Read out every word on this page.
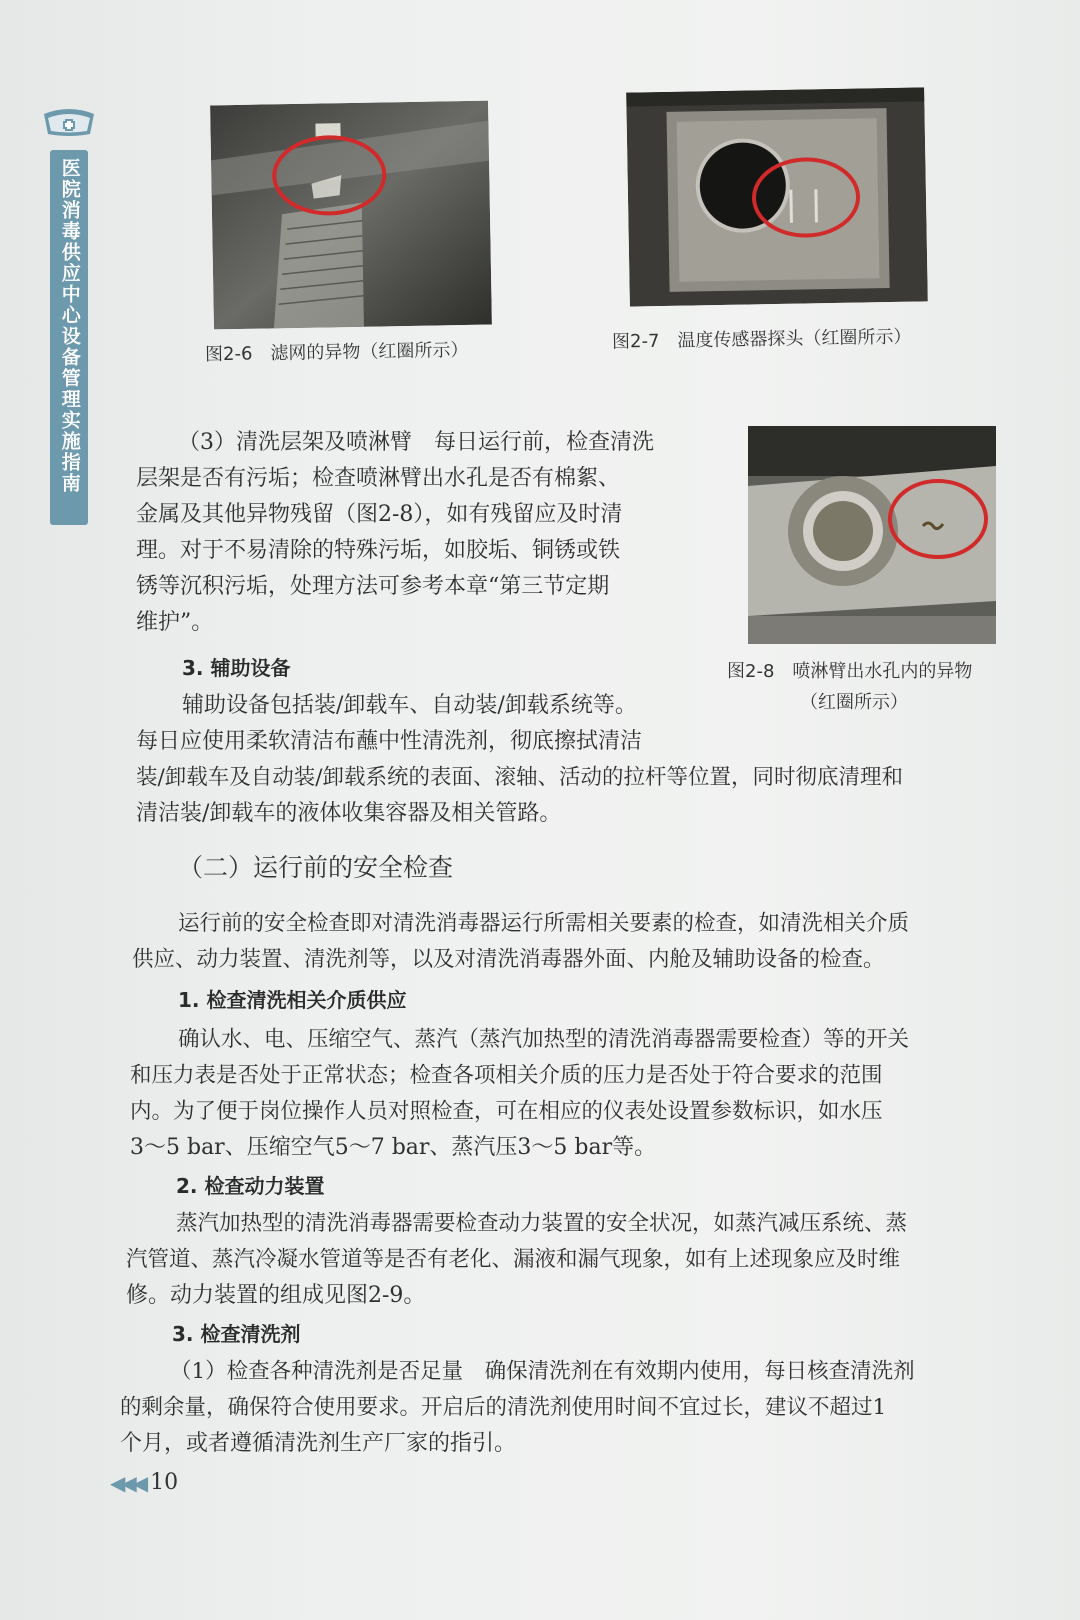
医院消毒供应中心设备管理实施指南	图2-6 滤网的异物（红圈所示）	图2-7 温度传感器探头（红圈所示）
图2-8 喷淋臂出水孔内的异物
（红圈所示）
（3）清洗层架及喷淋臂　每日运行前，检查清洗
层架是否有污垢；检查喷淋臂出水孔是否有棉絮、
金属及其他异物残留（图2-8），如有残留应及时清
理。对于不易清除的特殊污垢，如胶垢、铜锈或铁
锈等沉积污垢，处理方法可参考本章“第三节定期
维护”。
3. 辅助设备
辅助设备包括装/卸载车、自动装/卸载系统等。
每日应使用柔软清洁布蘸中性清洗剂，彻底擦拭清洁
装/卸载车及自动装/卸载系统的表面、滚轴、活动的拉杆等位置，同时彻底清理和
清洁装/卸载车的液体收集容器及相关管路。
（二）运行前的安全检查
运行前的安全检查即对清洗消毒器运行所需相关要素的检查，如清洗相关介质
供应、动力装置、清洗剂等，以及对清洗消毒器外面、内舱及辅助设备的检查。
1. 检查清洗相关介质供应
确认水、电、压缩空气、蒸汽（蒸汽加热型的清洗消毒器需要检查）等的开关
和压力表是否处于正常状态；检查各项相关介质的压力是否处于符合要求的范围
内。为了便于岗位操作人员对照检查，可在相应的仪表处设置参数标识，如水压
3～5 bar、压缩空气5～7 bar、蒸汽压3～5 bar等。
2. 检查动力装置
蒸汽加热型的清洗消毒器需要检查动力装置的安全状况，如蒸汽减压系统、蒸
汽管道、蒸汽冷凝水管道等是否有老化、漏液和漏气现象，如有上述现象应及时维
修。动力装置的组成见图2-9。
3. 检查清洗剂
（1）检查各种清洗剂是否足量　确保清洗剂在有效期内使用，每日核查清洗剂
的剩余量，确保符合使用要求。开启后的清洗剂使用时间不宜过长，建议不超过1
个月，或者遵循清洗剂生产厂家的指引。
◀◀◀ 10
